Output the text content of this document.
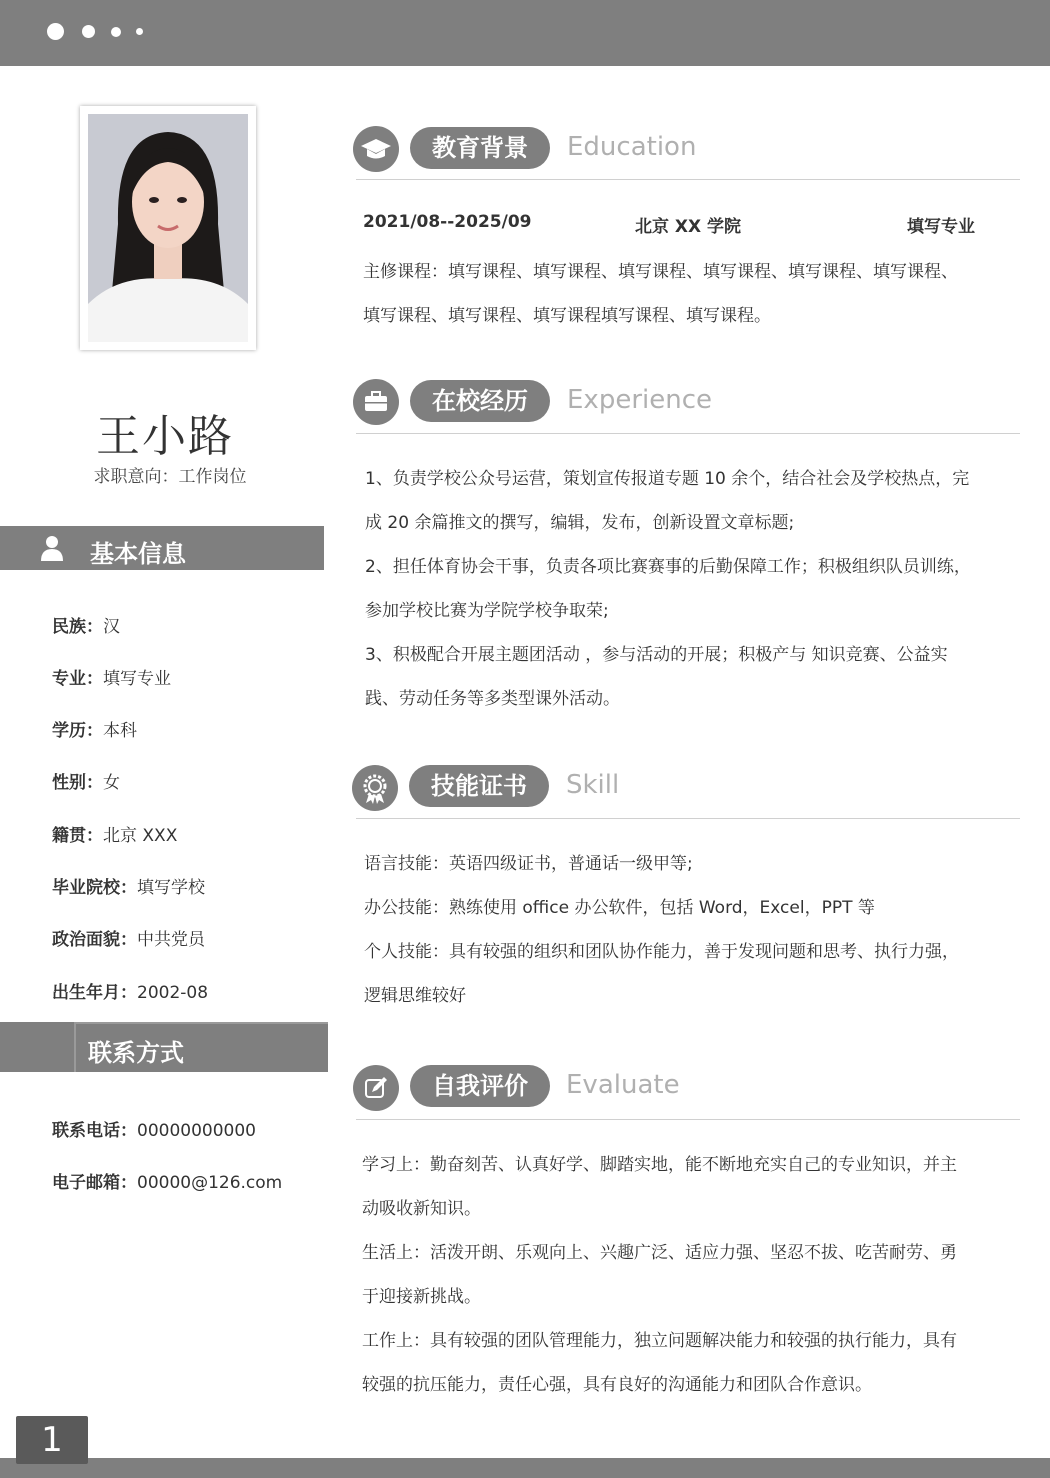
王小路
求职意向：工作岗位
基本信息
民族：汉
专业：填写专业
学历：本科
性别：女
籍贯：北京 XXX
毕业院校：填写学校
政治面貌：中共党员
出生年月：2002-08
联系方式
联系电话：00000000000
电子邮箱：00000@126.com
教育背景	Education
2021/08--2025/09	北京 XX 学院	填写专业
主修课程：填写课程、填写课程、填写课程、填写课程、填写课程、填写课程、
填写课程、填写课程、填写课程填写课程、填写课程。
在校经历	Experience
1、负责学校公众号运营，策划宣传报道专题 10 余个，结合社会及学校热点，完
成 20 余篇推文的撰写，编辑，发布，创新设置文章标题;
2、担任体育协会干事，负责各项比赛赛事的后勤保障工作；积极组织队员训练，
参加学校比赛为学院学校争取荣;
3、积极配合开展主题团活动 ，参与活动的开展；积极产与 知识竞赛、公益实
践、劳动任务等多类型课外活动。
技能证书	Skill
语言技能：英语四级证书，普通话一级甲等;
办公技能：熟练使用 office 办公软件，包括 Word，Excel，PPT 等
个人技能：具有较强的组织和团队协作能力，善于发现问题和思考、执行力强，
逻辑思维较好
自我评价	Evaluate
学习上：勤奋刻苦、认真好学、脚踏实地，能不断地充实自己的专业知识，并主
动吸收新知识。
生活上：活泼开朗、乐观向上、兴趣广泛、适应力强、坚忍不拔、吃苦耐劳、勇
于迎接新挑战。
工作上：具有较强的团队管理能力，独立问题解决能力和较强的执行能力，具有
较强的抗压能力，责任心强，具有良好的沟通能力和团队合作意识。
1
